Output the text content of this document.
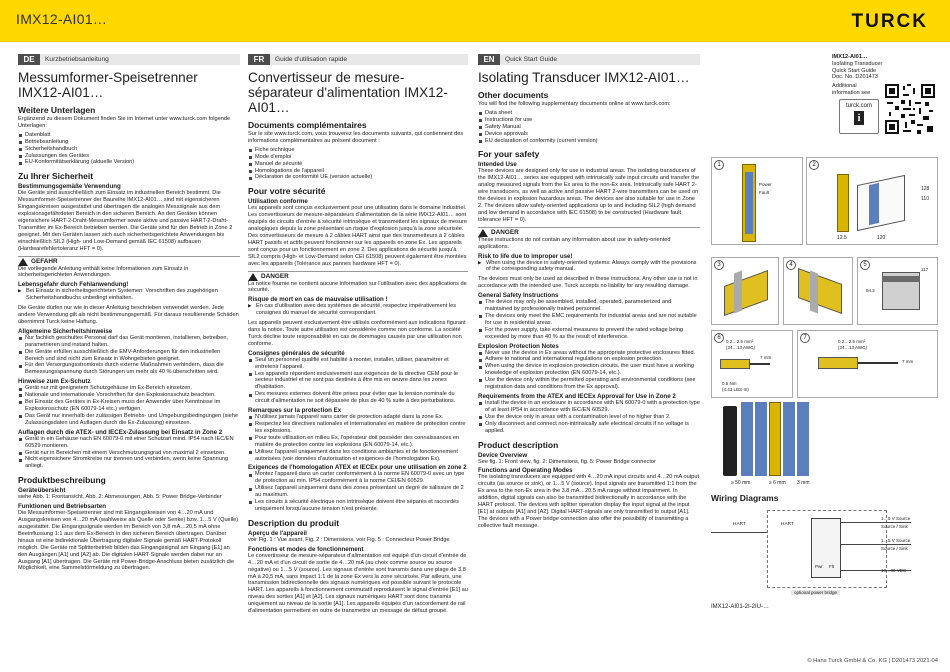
IMX12-AI01…	TURCK
DE	Kurzbetriebsanleitung
Messumformer-Speisetrenner IMX12-AI01…
Weitere Unterlagen

Ergänzend zu diesem Dokument finden Sie im Internet unter www.turck.com folgende Unterlagen:

Datenblatt
Betriebsanleitung
Sicherheitshandbuch
Zulassungen des Gerätes
EU-Konformitätserklärung (aktuelle Version)
Zu Ihrer Sicherheit
Bestimmungsgemäße Verwendung

Die Geräte sind ausschließlich zum Einsatz im industriellen Bereich bestimmt. Die Messumformer-Speisetrenner der Baureihe IMX12-AI01… sind mit eigensicheren Eingangskreisen ausgestattet und übertragen die analogen Messsignale aus dem explosionsgefährdeten Bereich in den sicheren Bereich. An den Geräten können eigensichere HART-2-Draht-Messumformer sowie aktive und passive HART-2-Draht-Transmitter im Ex-Bereich betrieben werden. Die Geräte sind für den Betrieb in Zone 2 geeignet. Mit den Geräten lassen sich auch sicherheitsgerichtete Anwendungen bis einschließlich SIL2 (High- und Low-Demand gemäß IEC 61508) aufbauen (Hardwarefehlertoleranz HFT = 0).

GEFAHR

Die vorliegende Anleitung enthält keine Informationen zum Einsatz in sicherheitsgerichteten Anwendungen.

Lebensgefahr durch Fehlanwendung!
▶ Bei Einsatz in sicherheitsgerichteten Systemen: Vorschriften des zugehörigen Sicherheitshandbuchs unbedingt einhalten.

Die Geräte dürfen nur wie in dieser Anleitung beschrieben verwendet werden. Jede andere Verwendung gilt als nicht bestimmungsgemäß. Für daraus resultierende Schäden übernimmt Turck keine Haftung.

Allgemeine Sicherheitshinweise
Nur fachlich geschultes Personal darf das Gerät montieren, installieren, betreiben, parametrieren und instand halten.
Die Geräte erfüllen ausschließlich die EMV-Anforderungen für den industriellen Bereich und sind nicht zum Einsatz in Wohngebieten geeignet.
Für den Versorgungsstromkreis durch externe Maßnahmen verhindern, dass die Bemessungsspannung durch Störungen um mehr als 40 % überschritten wird.
Hinweise zum Ex-Schutz
Gerät nur mit geeignetem Schutzgehäuse im Ex-Bereich einsetzen.
Nationale und internationale Vorschriften für den Explosionsschutz beachten.
Bei Einsatz des Gerätes in Ex-Kreisen muss der Anwender über Kenntnisse im Explosionsschutz (EN 60079-14 etc.) verfügen.
Das Gerät nur innerhalb der zulässigen Betriebs- und Umgebungsbedingungen (siehe Zulassungsdaten und Auflagen durch die Ex-Zulassung) einsetzen.
Auflagen durch die ATEX- und IECEx-Zulassung bei Einsatz in Zone 2
Gerät in ein Gehäuse nach EN 60079-0 mit einer Schutzart mind. IP54 nach IEC/EN 60529 montieren.
Gerät nur in Bereichen mit einem Verschmutzungsgrad von maximal 2 einsetzen.
Nicht eigensichere Stromkreise nur trennen und verbinden, wenn keine Spannung anliegt.
Produktbeschreibung
Geräteübersicht

siehe Abb. 1: Frontansicht, Abb. 2: Abmessungen, Abb. 5: Power Bridge-Verbinder

Funktionen und Betriebsarten

Die Messumformer-Speisetrenner sind mit Eingangskreisen von 4…20 mA und Ausgangskreisen von 4…20 mA (wahlweise als Quelle oder Senke) bzw. 1…5 V (Quelle) ausgestattet. Die Eingangssignale werden im Bereich von 3,8 mA…20,5 mA ohne Beeinflussung 1:1 aus dem Ex-Bereich in den sicheren Bereich übertragen. Darüber hinaus ist eine bidirektionale Übertragung digitaler Signale gemäß HART-Protokoll möglich. Die Geräte mit Splitterbetrieb bilden das Eingangssignal am Eingang [E1] an den Ausgängen [A1] und [A2] ab. Die digitalen HART-Signale werden dabei nur an Ausgang [A1] übertragen. Die Geräte mit Power-Bridge-Anschluss bieten zusätzlich die Möglichkeit, eine Sammelstörmeldung zu übertragen.

FR	Guide d'utilisation rapide
Convertisseur de mesure-séparateur d'alimentation IMX12-AI01…
Documents complémentaires

Sur le site www.turck.com, vous trouverez les documents suivants, qui contiennent des informations complémentaires au présent document :

Fiche technique
Mode d'emploi
Manuel de sécurité
Homologations de l'appareil
Déclaration de conformité UE (version actuelle)
Pour votre sécurité
Utilisation conforme

Les appareils sont conçus exclusivement pour une utilisation dans le domaine industriel. Les convertisseurs de mesure-séparateurs d'alimentation de la série IMX12-AI01… sont équipés de circuits d'entrée à sécurité intrinsèque et transmettent les signaux de mesure analogiques depuis la zone présentant un risque d'explosion jusqu'à la zone sécurisée. Des convertisseurs de mesure à 2 câbles HART ainsi que des transmetteurs à 2 câbles HART passifs et actifs peuvent fonctionner sur les appareils en zone Ex. Les appareils sont conçus pour un fonctionnement en zone 2. Des applications de sécurité jusqu'à SIL2 compris (High- et Low-Demand selon CEI 61508) peuvent également être montées avec les appareils (Tolérance aux pannes hardware HFT = 0).

DANGER

La notice fournie ne contient aucune information sur l'utilisation avec des applications de sécurité.

Risque de mort en cas de mauvaise utilisation !
▶ En cas d'utilisation avec des systèmes de sécurité, respectez impérativement les consignes du manuel de sécurité correspondant.

Les appareils peuvent exclusivement être utilisés conformément aux indications figurant dans la notice. Toute autre utilisation est considérée comme non conforme. La société Turck décline toute responsabilité en cas de dommages causés par une utilisation non conforme.

Consignes générales de sécurité
Seul un personnel qualifié est habilité à monter, installer, utiliser, paramétrer et entretenir l'appareil.
Les appareils répondent exclusivement aux exigences de la directive CEM pour le secteur industriel et ne sont pas destinés à être mis en œuvre dans les zones d'habitation.
Des mesures externes doivent être prises pour éviter que la tension nominale du circuit d'alimentation ne soit dépassée de plus de 40 % suite à des perturbations.
Remarques sur la protection Ex
N'utilisez jamais l'appareil sans carter de protection adapté dans la zone Ex.
Respectez les directives nationales et internationales en matière de protection contre les explosions.
Pour toute utilisation en milieu Ex, l'opérateur doit posséder des connaissances en matière de protection contre les explosions (EN 60079-14, etc.).
Utilisez l'appareil uniquement dans les conditions ambiantes et de fonctionnement autorisées (voir données d'autorisation et exigences de l'homologation Ex).
Exigences de l'homologation ATEX et IECEx pour une utilisation en zone 2
Montez l'appareil dans un carter conformément à la norme EN 60079-0 avec un type de protection au min. IP54 conformément à la norme CEI/EN 60529.
Utilisez l'appareil uniquement dans des zones présentant un degré de salissure de 2 au maximum.
Les circuits à sécurité électrique non intrinsèque doivent être séparés et raccordés uniquement lorsqu'aucune tension n'est présente.
Description du produit
Aperçu de l'appareil

voir Fig. 1 : Vue avant, Fig. 2 : Dimensions, voir Fig. 5 : Connecteur Power Bridge

Fonctions et modes de fonctionnement

Le convertisseur de mesure-séparateur d'alimentation est équipé d'un circuit d'entrée de 4…20 mA et d'un circuit de sortie de 4…20 mA (au choix comme source ou source négative) ou 1…5 V (source). Les signaux d'entrée sont transmis dans une plage de 3,8 mA à 20,5 mA, sans impact 1:1 de la zone Ex vers la zone sécurisée. Par ailleurs, une transmission bidirectionnelle des signaux numériques est possible suivant le protocole HART. Les appareils à fonctionnement commutatif reproduisent le signal d'entrée [E1] au niveau des sorties [A1] et [A2]. Les signaux numériques HART sont donc transmis uniquement au niveau de la sortie [A1]. Les appareils équipés d'un raccordement de rail d'alimentation permettent en outre de transmettre un message de défaut groupé.

EN	Quick Start Guide
Isolating Transducer IMX12-AI01…
Other documents

You will find the following supplementary documents online at www.turck.com:

Data sheet
Instructions for use
Safety Manual
Device approvals
EU declaration of conformity (current version)
For your safety
Intended Use

These devices are designed only for use in industrial areas. The isolating transducers of the IMX12-AI01… series are equipped with intrinsically safe input circuits and transfer the analog measured signals from the Ex area to the non-Ex area. Intrinsically safe HART 2-wire transducers, as well as active and passive HART 2-wire transmitters can be used on the devices in explosion hazardous areas. The devices are also suitable for use in Zone 2. The devices allow safety-oriented applications up to and including SIL2 (high demand and low demand in accordance with IEC 61508) to be constructed (Hardware fault tolerance HFT = 0).

DANGER

These instructions do not contain any information about use in safety-oriented applications.

Risk to life due to improper use!
▶ When using the device in safety-oriented systems: Always comply with the provisions of the corresponding safety manual.

The devices must only be used as described in these instructions. Any other use is not in accordance with the intended use. Turck accepts no liability for any resulting damage.

General Safety Instructions
The device may only be assembled, installed, operated, parameterized and maintained by professionally trained personnel.
The devices only meet the EMC requirements for industrial areas and are not suitable for use in residential areas.
For the power supply, take external measures to prevent the rated voltage being exceeded by more than 40 % as the result of interference.
Explosion Protection Notes
Never use the device in Ex areas without the appropriate protective enclosures fitted.
Adhere to national and international regulations on explosion protection.
When using the device in explosion protection circuits, the user must have a working knowledge of explosion protection (EN 60079-14, etc.).
Use the device only within the permitted operating and environmental conditions (see registration data and conditions from the Ex approval).
Requirements from the ATEX and IECEx Approval for Use in Zone 2
Install the device in an enclosure in accordance with EN 60079-0 with a protection type of at least IP54 in accordance with IEC/EN 60529.
Use the device only in areas with a contamination level of no higher than 2.
Only disconnect and connect non-intrinsically safe electrical circuits if no voltage is applied.
Product description
Device Overview

See fig. 1: Front view, fig. 2: Dimensions, fig. 5: Power Bridge connector

Functions and Operating Modes

The isolating transducers are equipped with 4…20 mA input circuits and 4…20 mA output circuits (as source or sink), or 1…5 V (source). Input signals are transmitted 1:1 from the Ex area to the non-Ex area in the 3.8 mA…20.5 mA range without impairment. In addition, digital signals can also be transmitted bidirectionally in accordance with the HART protocol. The devices with splitter operation display the input signal at the input [E1] at outputs [A1] and [A2]. Digital HART-signals are only transmitted to output [A1]. The devices with a Power bridge connection also offer the possibility of transmitting a collective fault message.

IMX12-AI01…
Isolating Transducer
Quick Start Guide
Doc. No. D201473
Additional
information see
turck.com
i
1
Power
Fault
2
128
110
120
12.5
3	4	5
117
94.2
6
0.2…2.5 mm²
(24…13 AWG)
7 mm
0.5 Nm
(4.43 LBS·In)
7
0.2…2.5 mm²
(24…13 AWG)
7 mm
≥ 50 mm	≥ 6 mm 3 mm
Wiring Diagrams
HART	HART
1…5 V Source
Source / Sink
1…5 V Source
Source / Sink
Pwr Flt
10…30 VDC
optional power bridge
IMX12-AI01-2I-2IU-…
© Hans Turck GmbH & Co. KG | D201473 2021-04
